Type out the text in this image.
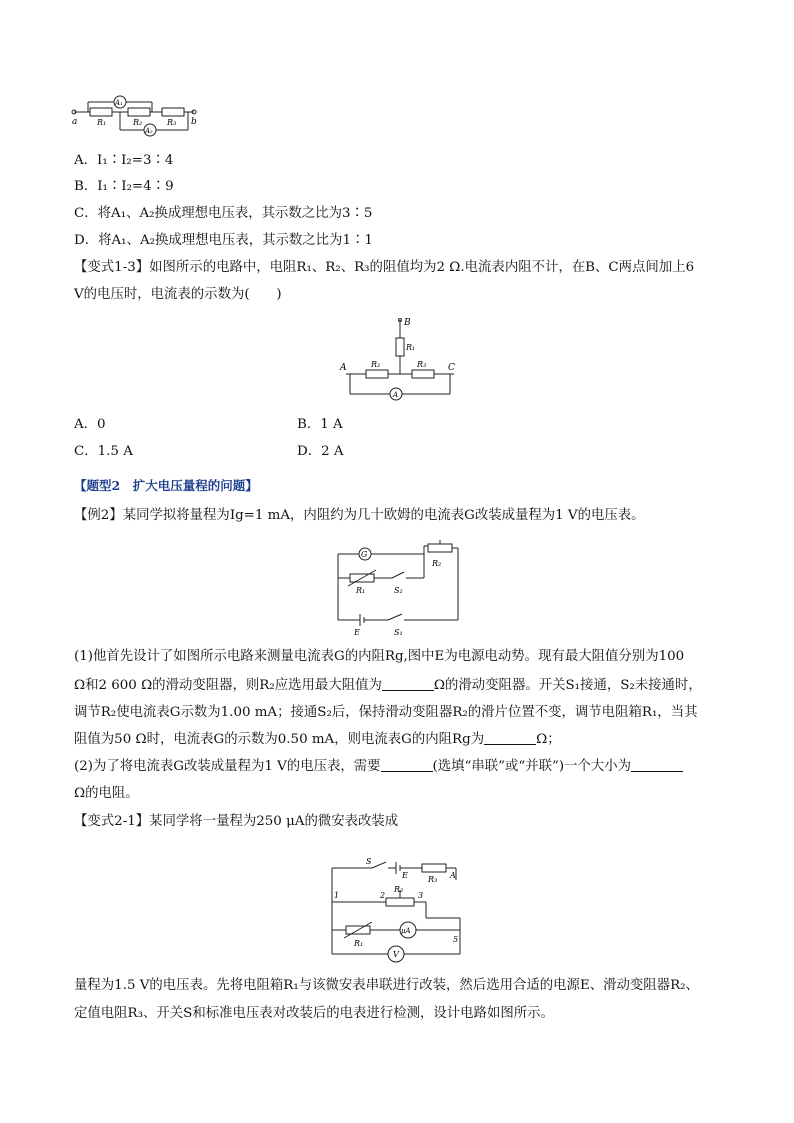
a	b
R₁	R₂	R₃
A₁
A₂
A．I₁∶I₂=3∶4
B．I₁∶I₂=4∶9
C．将A₁、A₂换成理想电压表，其示数之比为3∶5
D．将A₁、A₂换成理想电压表，其示数之比为1∶1
【变式1-3】如图所示的电路中，电阻R₁、R₂、R₃的阻值均为2 Ω.电流表内阻不计，在B、C两点间加上6
V的电压时，电流表的示数为(　　)
B
R₁
A	C
R₂	R₃
A
A．0	B．1 A
C．1.5 A	D．2 A
【题型2　扩大电压量程的问题】
【例2】某同学拟将量程为Ig=1 mA，内阻约为几十欧姆的电流表G改装成量程为1 V的电压表。
G
R₂
R₁	S₂
E	S₁
(1)他首先设计了如图所示电路来测量电流表G的内阻Rg,图中E为电源电动势。现有最大阻值分别为100
Ω和2 600 Ω的滑动变阻器，则R₂应选用最大阻值为	Ω的滑动变阻器。开关S₁接通，S₂未接通时，
调节R₂使电流表G示数为1.00 mA；接通S₂后，保持滑动变阻器R₂的滑片位置不变，调节电阻箱R₁，当其
阻值为50 Ω时，电流表G的示数为0.50 mA，则电流表G的内阻Rg为	Ω；
(2)为了将电流表G改装成量程为1 V的电压表，需要	(选填“串联”或“并联”)一个大小为
Ω的电阻。
【变式2-1】某同学将一量程为250 μA的微安表改装成
S
E	R₃ A
1
R₂
2	3
R₁
μA
5
V
量程为1.5 V的电压表。先将电阻箱R₁与该微安表串联进行改装，然后选用合适的电源E、滑动变阻器R₂、
定值电阻R₃、开关S和标准电压表对改装后的电表进行检测，设计电路如图所示。
